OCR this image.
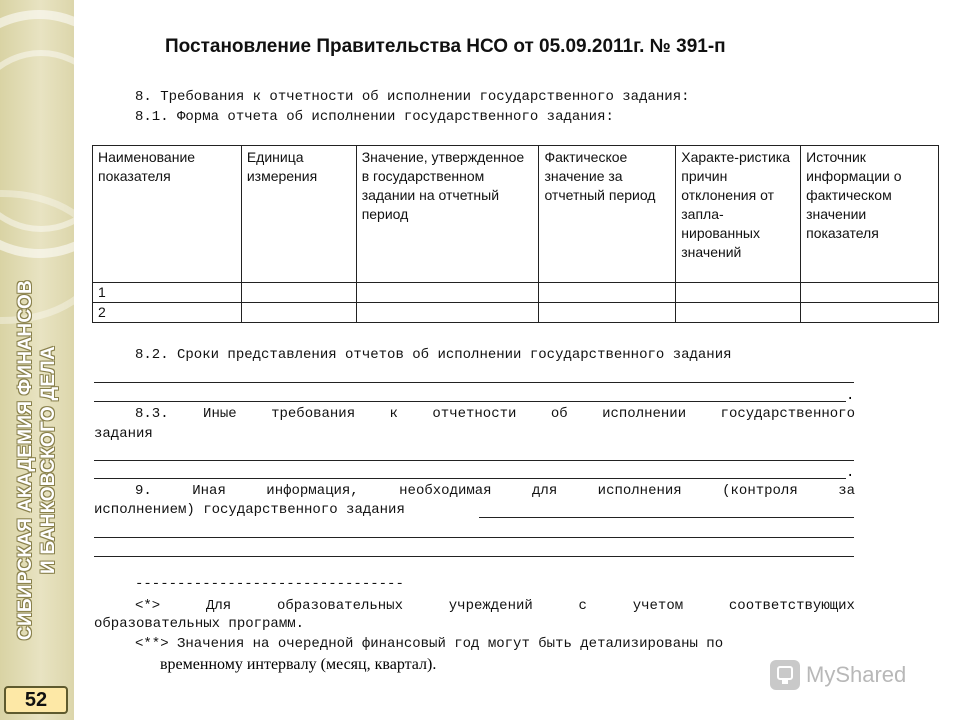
СИБИРСКАЯ АКАДЕМИЯ ФИНАНСОВ И БАНКОВСКОГО ДЕЛА
52
Постановление Правительства НСО от 05.09.2011г. № 391-п
8. Требования к отчетности об исполнении государственного задания:
8.1. Форма отчета об исполнении государственного задания:
Наименование показателя	Единица измерения	Значение, утвержденное в государственном задании на отчетный период	Фактическое значение за отчетный период	Характе-ристика причин отклонения от запла-нированных значений	Источник информации о фактическом значении показателя
1					
2					
8.2. Сроки представления отчетов об исполнении государственного задания
.
8.3. Иные требования к отчетности об исполнении государственного
задания
.
9.	Иная	информация,	необходимая	для	исполнения	(контроля	за
исполнением) государственного задания
--------------------------------
<*>	Для	образовательных	учреждений	с	учетом	соответствующих
образовательных программ.
<**> Значения на очередной финансовый год могут быть детализированы по
временному интервалу (месяц, квартал).	MyShared
